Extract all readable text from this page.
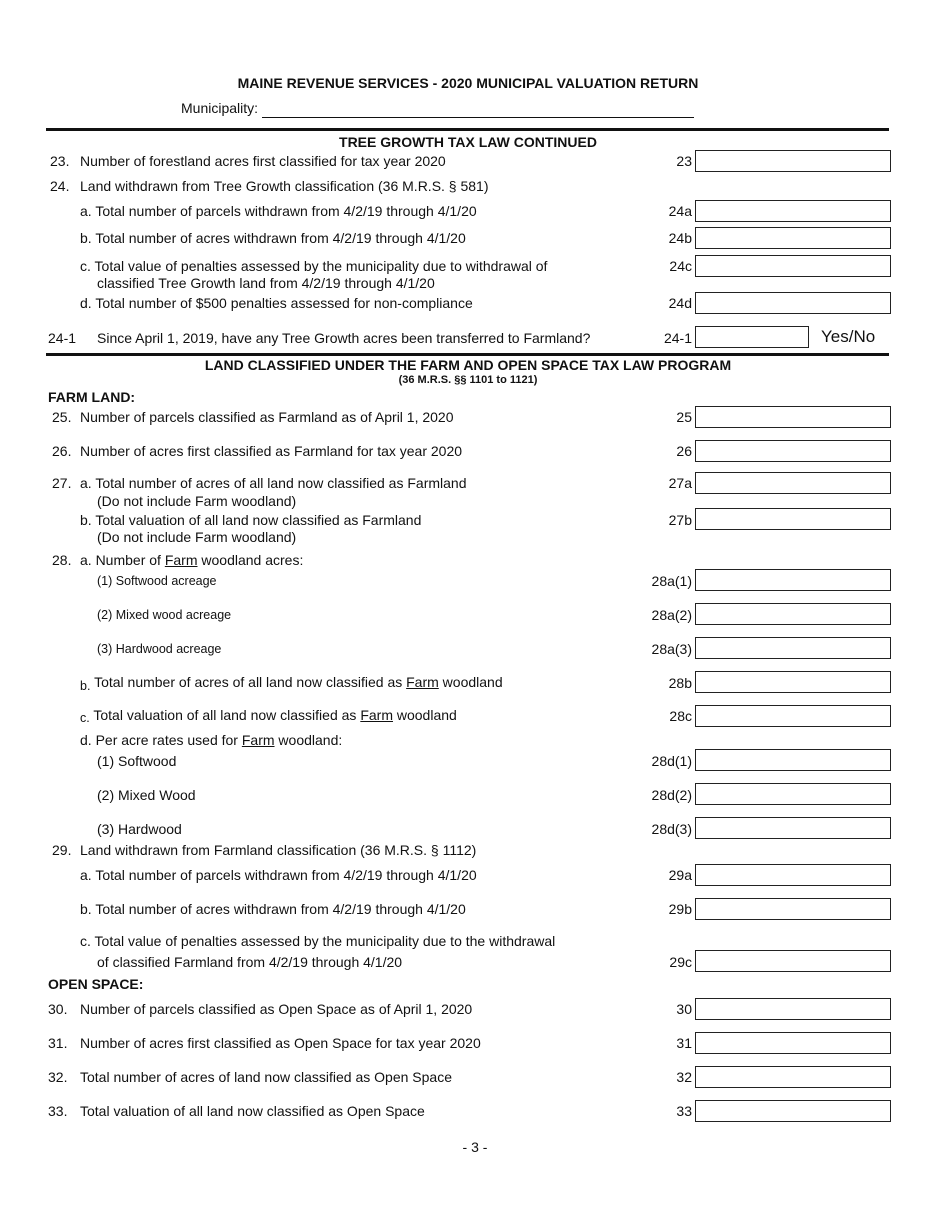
MAINE REVENUE SERVICES - 2020 MUNICIPAL VALUATION RETURN
Municipality:
TREE GROWTH TAX LAW CONTINUED
23. Number of forestland acres first classified for tax year 2020	23
24. Land withdrawn from Tree Growth classification (36 M.R.S. § 581)
a. Total number of parcels withdrawn from 4/2/19 through 4/1/20	24a
b. Total number of acres withdrawn from 4/2/19 through 4/1/20	24b
c. Total value of penalties assessed by the municipality due to withdrawal of
classified Tree Growth land from 4/2/19 through 4/1/20
24c
d. Total number of $500 penalties assessed for non-compliance	24d
24-1 Since April 1, 2019, have any Tree Growth acres been transferred to Farmland?	24-1	Yes/No
LAND CLASSIFIED UNDER THE FARM AND OPEN SPACE TAX LAW PROGRAM
(36 M.R.S. §§ 1101 to 1121)
FARM LAND:
25. Number of parcels classified as Farmland as of April 1, 2020	25
26. Number of acres first classified as Farmland for tax year 2020	26
27. a. Total number of acres of all land now classified as Farmland
(Do not include Farm woodland)
27a
b. Total valuation of all land now classified as Farmland
(Do not include Farm woodland)
27b
28. a. Number of Farm woodland acres:
(1) Softwood acreage	28a(1)
(2) Mixed wood acreage	28a(2)
(3) Hardwood acreage	28a(3)
b. Total number of acres of all land now classified as Farm woodland	28b
c. Total valuation of all land now classified as Farm woodland	28c
d. Per acre rates used for Farm woodland:
(1) Softwood	28d(1)
(2) Mixed Wood	28d(2)
(3) Hardwood	28d(3)
29. Land withdrawn from Farmland classification (36 M.R.S. § 1112)
a. Total number of parcels withdrawn from 4/2/19 through 4/1/20	29a
b. Total number of acres withdrawn from 4/2/19 through 4/1/20	29b
c. Total value of penalties assessed by the municipality due to the withdrawal
of classified Farmland from 4/2/19 through 4/1/20	29c
OPEN SPACE:
30. Number of parcels classified as Open Space as of April 1, 2020	30
31. Number of acres first classified as Open Space for tax year 2020	31
32. Total number of acres of land now classified as Open Space	32
33. Total valuation of all land now classified as Open Space	33
- 3 -
